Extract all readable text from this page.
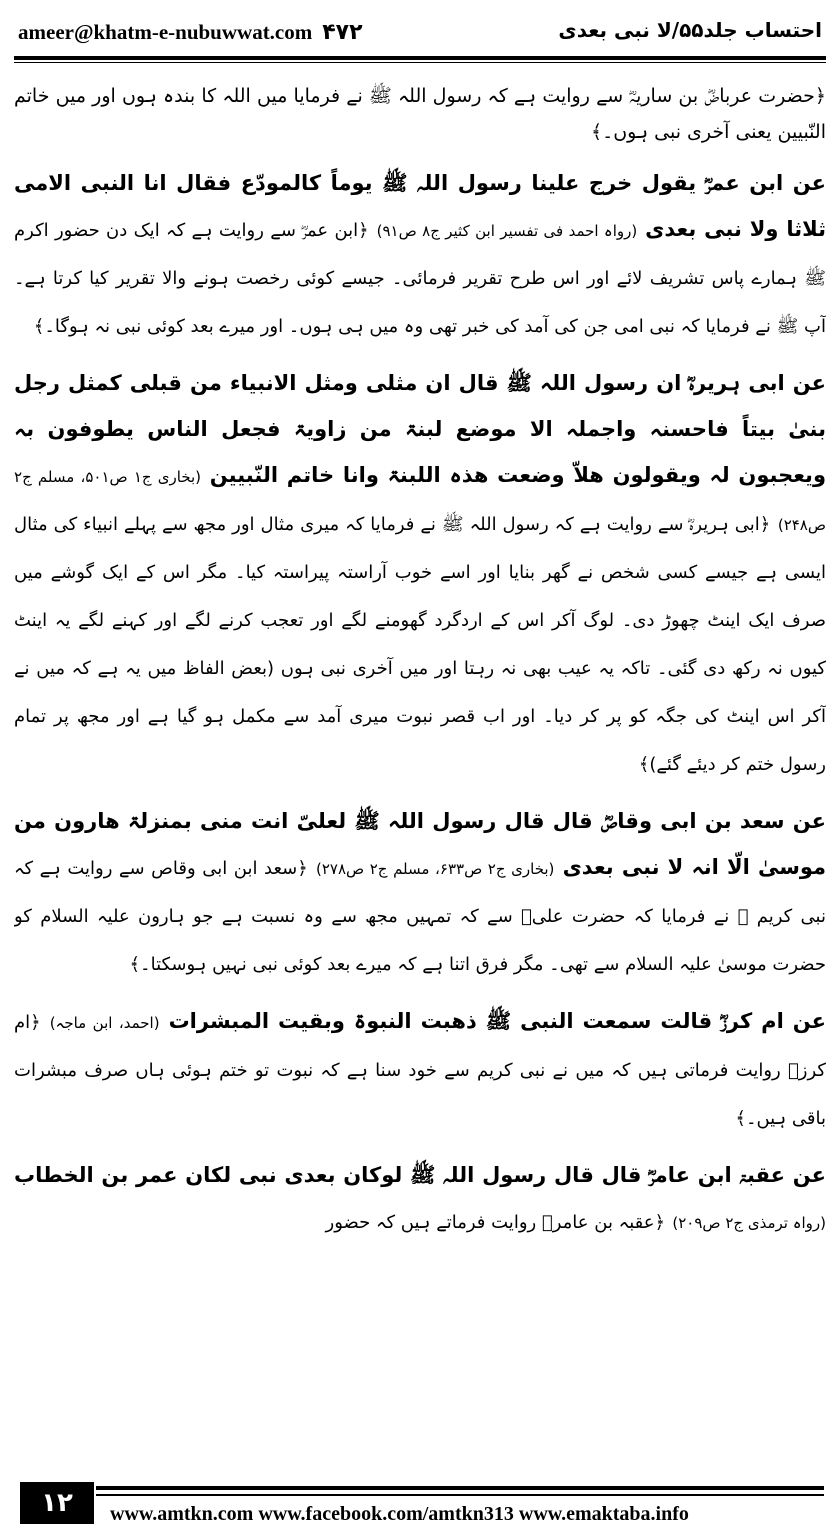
ameer@khatm-e-nubuwwat.com ۴۷۲	احتساب جلد۵۵/لا نبی بعدی

﴿حضرت عرباضؓ بن ساریہؓ سے روایت ہے کہ رسول اللہ ﷺ نے فرمایا میں اللہ کا بندہ ہوں اور میں خاتم النّبیین یعنی آخری نبی ہوں۔﴾

عن ابن عمرؓ یقول خرج علینا رسول اللہ ﷺ یوماً کالمودّع فقال انا النبی الامی ثلاثا ولا نبی بعدی (رواہ احمد فی تفسیر ابن کثیر ج۸ ص۹۱) ﴿ابن عمرؓ سے روایت ہے کہ ایک دن حضور اکرم ﷺ ہمارے پاس تشریف لائے اور اس طرح تقریر فرمائی۔ جیسے کوئی رخصت ہونے والا تقریر کیا کرتا ہے۔ آپ ﷺ نے فرمایا کہ نبی امی جن کی آمد کی خبر تھی وہ میں ہی ہوں۔ اور میرے بعد کوئی نبی نہ ہوگا۔﴾

عن ابی ہریرہؓ ان رسول اللہ ﷺ قال ان مثلی ومثل الانبیاء من قبلی کمثل رجل بنیٰ بیتاً فاحسنہ واجملہ الا موضع لبنۃ من زاویۃ فجعل الناس یطوفون بہ ویعجبون لہ ویقولون ھلاّ وضعت ھذہ اللبنۃ وانا خاتم النّبیین (بخاری ج۱ ص۵۰۱، مسلم ج۲ ص۲۴۸) ﴿ابی ہریرہؓ سے روایت ہے کہ رسول اللہ ﷺ نے فرمایا کہ میری مثال اور مجھ سے پہلے انبیاء کی مثال ایسی ہے جیسے کسی شخص نے گھر بنایا اور اسے خوب آراستہ پیراستہ کیا۔ مگر اس کے ایک گوشے میں صرف ایک اینٹ چھوڑ دی۔ لوگ آکر اس کے اردگرد گھومنے لگے اور تعجب کرنے لگے اور کہنے لگے یہ اینٹ کیوں نہ رکھ دی گئی۔ تاکہ یہ عیب بھی نہ رہتا اور میں آخری نبی ہوں (بعض الفاظ میں یہ ہے کہ میں نے آکر اس اینٹ کی جگہ کو پر کر دیا۔ اور اب قصر نبوت میری آمد سے مکمل ہو گیا ہے اور مجھ پر تمام رسول ختم کر دیئے گئے)﴾

عن سعد بن ابی وقاصؓ قال قال رسول اللہ ﷺ لعلیّ انت منی بمنزلۃ ھارون من موسیٰ الّا انہ لا نبی بعدی (بخاری ج۲ ص۶۳۳، مسلم ج۲ ص۲۷۸) ﴿سعد ابن ابی وقاص سے روایت ہے کہ نبی کریم ﷺ نے فرمایا کہ حضرت علیؓ سے کہ تمہیں مجھ سے وہ نسبت ہے جو ہارون علیہ السلام کو حضرت موسیٰ علیہ السلام سے تھی۔ مگر فرق اتنا ہے کہ میرے بعد کوئی نبی نہیں ہوسکتا۔﴾

عن ام کرزؓ قالت سمعت النبی ﷺ ذھبت النبوۃ وبقیت المبشرات (احمد، ابن ماجہ) ﴿ام کرزؓ روایت فرماتی ہیں کہ میں نے نبی کریم سے خود سنا ہے کہ نبوت تو ختم ہوئی ہاں صرف مبشرات باقی ہیں۔﴾

عن عقبۃ ابن عامرؓ قال قال رسول اللہ ﷺ لوکان بعدی نبی لکان عمر بن الخطاب (رواہ ترمذی ج۲ ص۲۰۹) ﴿عقبہ بن عامرؓ روایت فرماتے ہیں کہ حضور

۱۲	www.amtkn.com www.facebook.com/amtkn313 www.emaktaba.info
